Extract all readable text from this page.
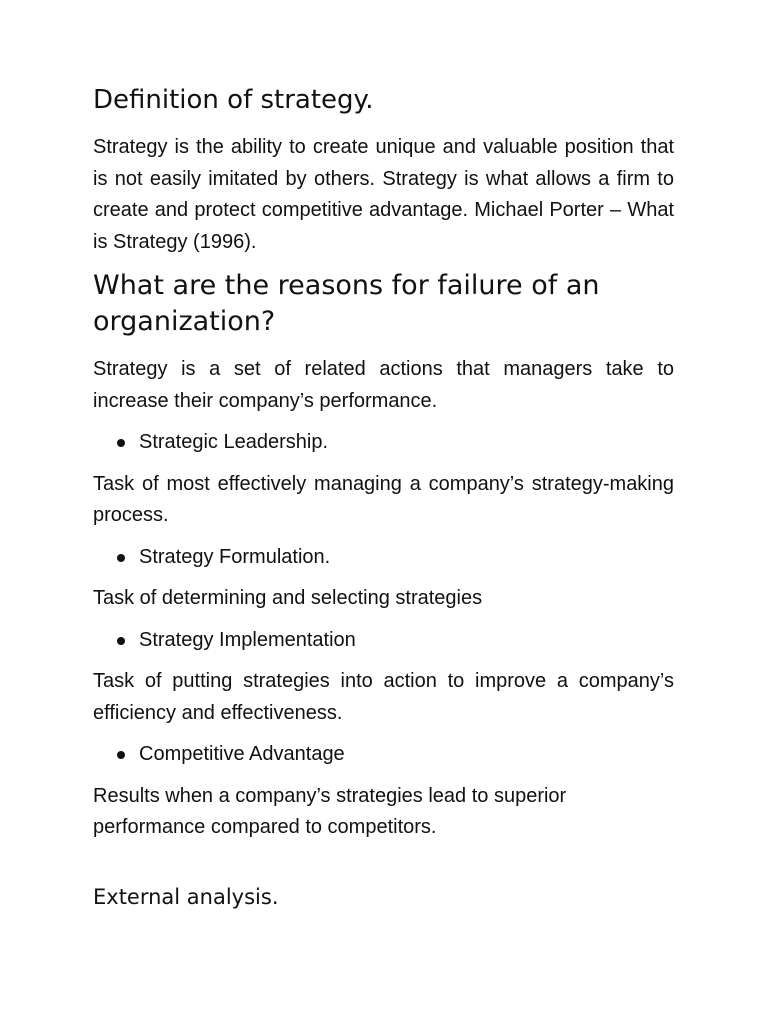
Definition of strategy.

Strategy is the ability to create unique and valuable position that is not easily imitated by others. Strategy is what allows a firm to create and protect competitive advantage. Michael Porter – What is Strategy (1996).

What are the reasons for failure of an organization?

Strategy is a set of related actions that managers take to increase their company’s performance.

Strategic Leadership.

Task of most effectively managing a company’s strategy-making process.

Strategy Formulation.

Task of determining and selecting strategies

Strategy Implementation

Task of putting strategies into action to improve a company’s efficiency and effectiveness.

Competitive Advantage

Results when a company’s strategies lead to superior performance compared to competitors.

External analysis.
